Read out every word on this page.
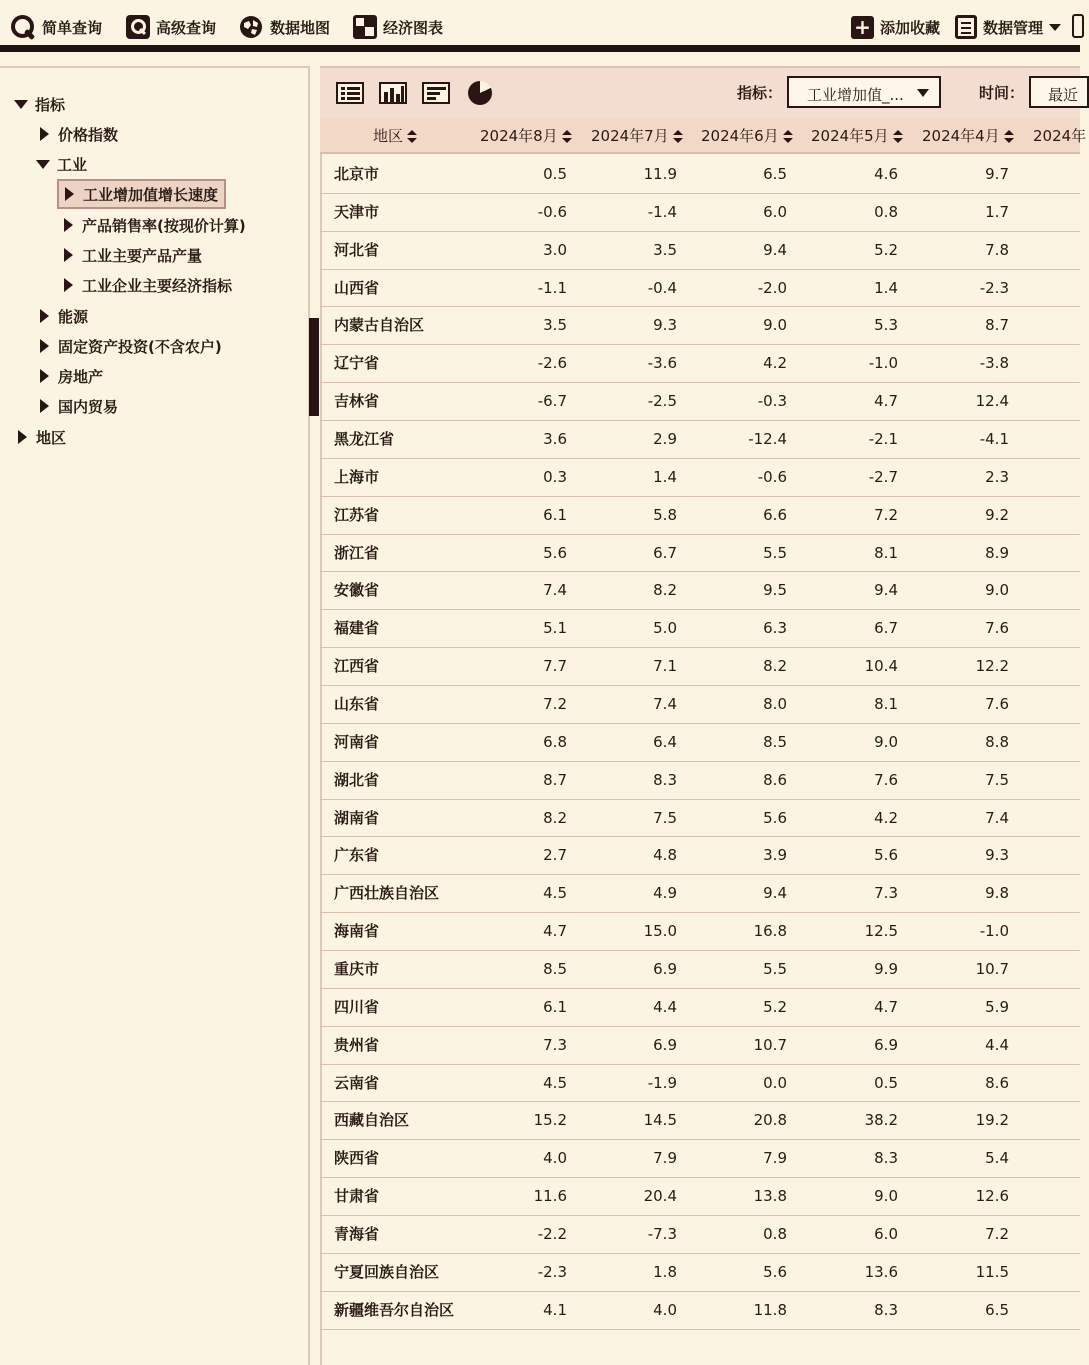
简单查询	高级查询	数据地图	经济图表	+ 添加收藏	数据管理
指标
价格指数
工业
工业增加值增长速度
产品销售率(按现价计算)
工业主要产品产量
工业企业主要经济指标
能源
固定资产投资(不含农户)
房地产
国内贸易
地区
指标：	工业增加值_...	时间：	最近
地区	2024年8月	2024年7月	2024年6月	2024年5月	2024年4月	2024年
北京市	0.5	11.9	6.5	4.6	9.7
天津市	-0.6	-1.4	6.0	0.8	1.7
河北省	3.0	3.5	9.4	5.2	7.8
山西省	-1.1	-0.4	-2.0	1.4	-2.3
内蒙古自治区	3.5	9.3	9.0	5.3	8.7
辽宁省	-2.6	-3.6	4.2	-1.0	-3.8
吉林省	-6.7	-2.5	-0.3	4.7	12.4
黑龙江省	3.6	2.9	-12.4	-2.1	-4.1
上海市	0.3	1.4	-0.6	-2.7	2.3
江苏省	6.1	5.8	6.6	7.2	9.2
浙江省	5.6	6.7	5.5	8.1	8.9
安徽省	7.4	8.2	9.5	9.4	9.0
福建省	5.1	5.0	6.3	6.7	7.6
江西省	7.7	7.1	8.2	10.4	12.2
山东省	7.2	7.4	8.0	8.1	7.6
河南省	6.8	6.4	8.5	9.0	8.8
湖北省	8.7	8.3	8.6	7.6	7.5
湖南省	8.2	7.5	5.6	4.2	7.4
广东省	2.7	4.8	3.9	5.6	9.3
广西壮族自治区	4.5	4.9	9.4	7.3	9.8
海南省	4.7	15.0	16.8	12.5	-1.0
重庆市	8.5	6.9	5.5	9.9	10.7
四川省	6.1	4.4	5.2	4.7	5.9
贵州省	7.3	6.9	10.7	6.9	4.4
云南省	4.5	-1.9	0.0	0.5	8.6
西藏自治区	15.2	14.5	20.8	38.2	19.2
陕西省	4.0	7.9	7.9	8.3	5.4
甘肃省	11.6	20.4	13.8	9.0	12.6
青海省	-2.2	-7.3	0.8	6.0	7.2
宁夏回族自治区	-2.3	1.8	5.6	13.6	11.5
新疆维吾尔自治区	4.1	4.0	11.8	8.3	6.5
